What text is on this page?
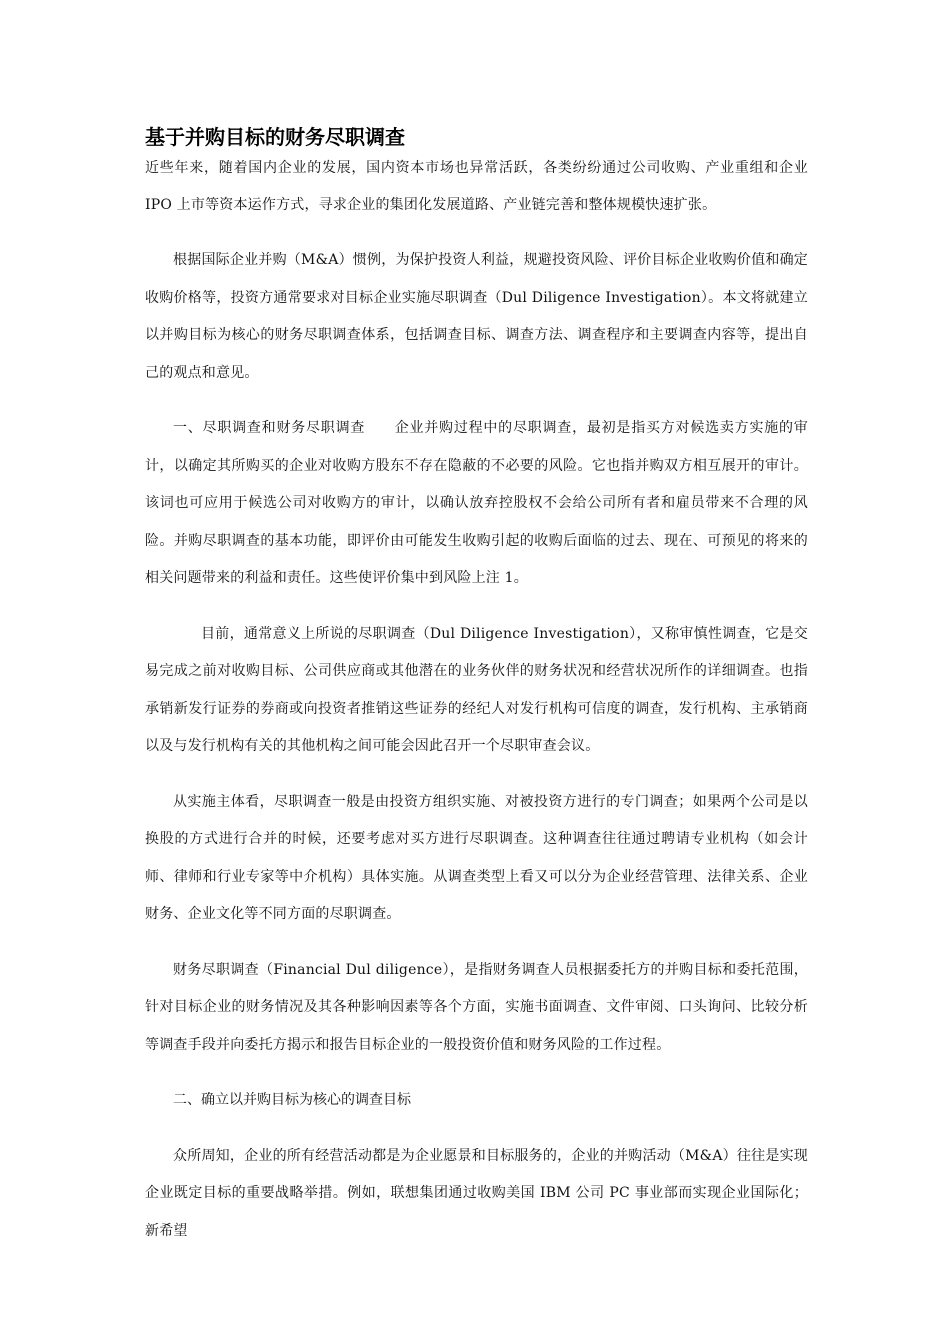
基于并购目标的财务尽职调查

近些年来，随着国内企业的发展，国内资本市场也异常活跃，各类纷纷通过公司收购、产业重组和企业 IPO 上市等资本运作方式，寻求企业的集团化发展道路、产业链完善和整体规模快速扩张。

根据国际企业并购（M&A）惯例，为保护投资人利益，规避投资风险、评价目标企业收购价值和确定收购价格等，投资方通常要求对目标企业实施尽职调查（Dul Diligence Investigation）。本文将就建立以并购目标为核心的财务尽职调查体系，包括调查目标、调查方法、调查程序和主要调查内容等，提出自己的观点和意见。

一、尽职调查和财务尽职调查　　企业并购过程中的尽职调查，最初是指买方对候选卖方实施的审计，以确定其所购买的企业对收购方股东不存在隐蔽的不必要的风险。它也指并购双方相互展开的审计。该词也可应用于候选公司对收购方的审计，以确认放弃控股权不会给公司所有者和雇员带来不合理的风险。并购尽职调查的基本功能，即评价由可能发生收购引起的收购后面临的过去、现在、可预见的将来的相关问题带来的利益和责任。这些使评价集中到风险上注 1。

目前，通常意义上所说的尽职调查（Dul Diligence Investigation），又称审慎性调查，它是交易完成之前对收购目标、公司供应商或其他潜在的业务伙伴的财务状况和经营状况所作的详细调查。也指承销新发行证券的券商或向投资者推销这些证券的经纪人对发行机构可信度的调查，发行机构、主承销商以及与发行机构有关的其他机构之间可能会因此召开一个尽职审查会议。

从实施主体看，尽职调查一般是由投资方组织实施、对被投资方进行的专门调查；如果两个公司是以换股的方式进行合并的时候，还要考虑对买方进行尽职调查。这种调查往往通过聘请专业机构（如会计师、律师和行业专家等中介机构）具体实施。从调查类型上看又可以分为企业经营管理、法律关系、企业财务、企业文化等不同方面的尽职调查。

财务尽职调查（Financial Dul diligence），是指财务调查人员根据委托方的并购目标和委托范围，针对目标企业的财务情况及其各种影响因素等各个方面，实施书面调查、文件审阅、口头询问、比较分析等调查手段并向委托方揭示和报告目标企业的一般投资价值和财务风险的工作过程。

二、确立以并购目标为核心的调查目标

众所周知，企业的所有经营活动都是为企业愿景和目标服务的，企业的并购活动（M&A）往往是实现企业既定目标的重要战略举措。例如，联想集团通过收购美国 IBM 公司 PC 事业部而实现企业国际化；新希望
